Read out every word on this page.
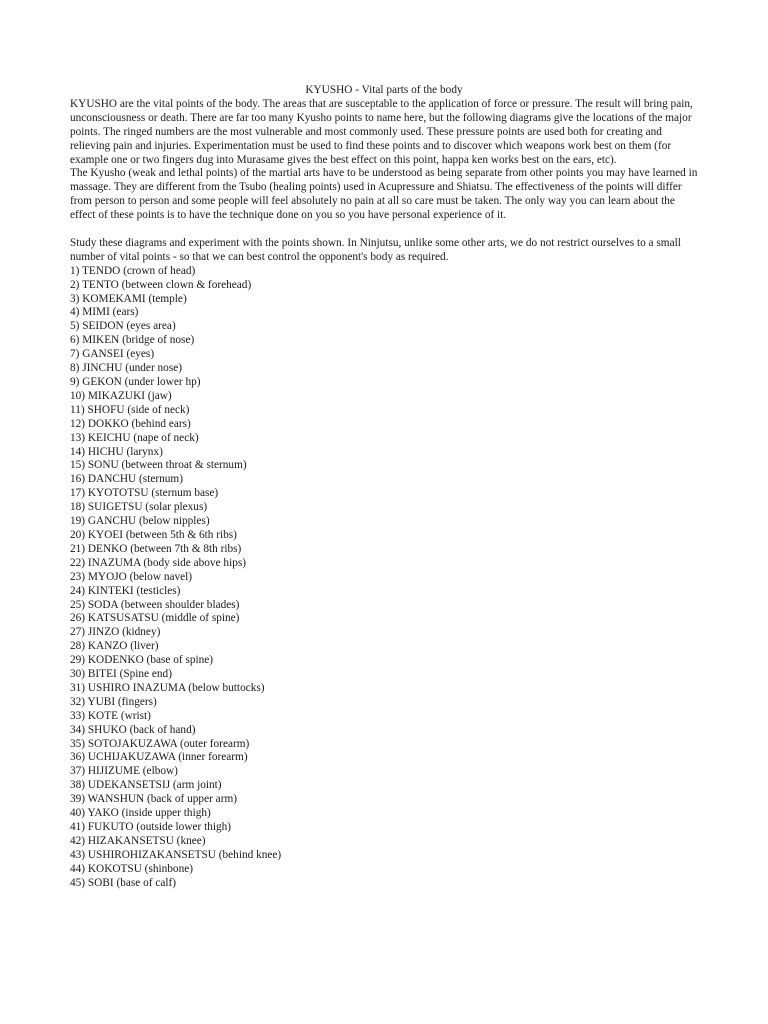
KYUSHO - Vital parts of the body

KYUSHO are the vital points of the body. The areas that are susceptable to the application of force or pressure. The result will bring pain, unconsciousness or death. There are far too many Kyusho points to name here, but the following diagrams give the locations of the major points. The ringed numbers are the most vulnerable and most commonly used. These pressure points are used both for creating and relieving pain and injuries. Experimentation must be used to find these points and to discover which weapons work best on them (for example one or two fingers dug into Murasame gives the best effect on this point, happa ken works best on the ears, etc).

The Kyusho (weak and lethal points) of the martial arts have to be understood as being separate from other points you may have learned in massage. They are different from the Tsubo (healing points) used in Acupressure and Shiatsu. The effectiveness of the points will differ from person to person and some people will feel absolutely no pain at all so care must be taken. The only way you can learn about the effect of these points is to have the technique done on you so you have personal experience of it.

Study these diagrams and experiment with the points shown. In Ninjutsu, unlike some other arts, we do not restrict ourselves to a small number of vital points - so that we can best control the opponent's body as required.

1) TENDO (crown of head)
2) TENTO (between clown & forehead)
3) KOMEKAMI (temple)
4) MIMI (ears)
5) SEIDON (eyes area)
6) MIKEN (bridge of nose)
7) GANSEI (eyes)
8) JINCHU (under nose)
9) GEKON (under lower hp)
10) MIKAZUKI (jaw)
11) SHOFU (side of neck)
12) DOKKO (behind ears)
13) KEICHU (nape of neck)
14) HICHU (larynx)
15) SONU (between throat & sternum)
16) DANCHU (sternum)
17) KYOTOTSU (sternum base)
18) SUIGETSU (solar plexus)
19) GANCHU (below nipples)
20) KYOEI (between 5th & 6th ribs)
21) DENKO (between 7th & 8th ribs)
22) INAZUMA (body side above hips)
23) MYOJO (below navel)
24) KINTEKI (testicles)
25) SODA (between shoulder blades)
26) KATSUSATSU (middle of spine)
27) JINZO (kidney)
28) KANZO (liver)
29) KODENKO (base of spine)
30) BITEI (Spine end)
31) USHIRO INAZUMA (below buttocks)
32) YUBI (fingers)
33) KOTE (wrist)
34) SHUKO (back of hand)
35) SOTOJAKUZAWA (outer forearm)
36) UCHIJAKUZAWA (inner forearm)
37) HIJIZUME (elbow)
38) UDEKANSETSIJ (arm joint)
39) WANSHUN (back of upper arm)
40) YAKO (inside upper thigh)
41) FUKUTO (outside lower thigh)
42) HIZAKANSETSU (knee)
43) USHIROHIZAKANSETSU (behind knee)
44) KOKOTSU (shinbone)
45) SOBI (base of calf)
